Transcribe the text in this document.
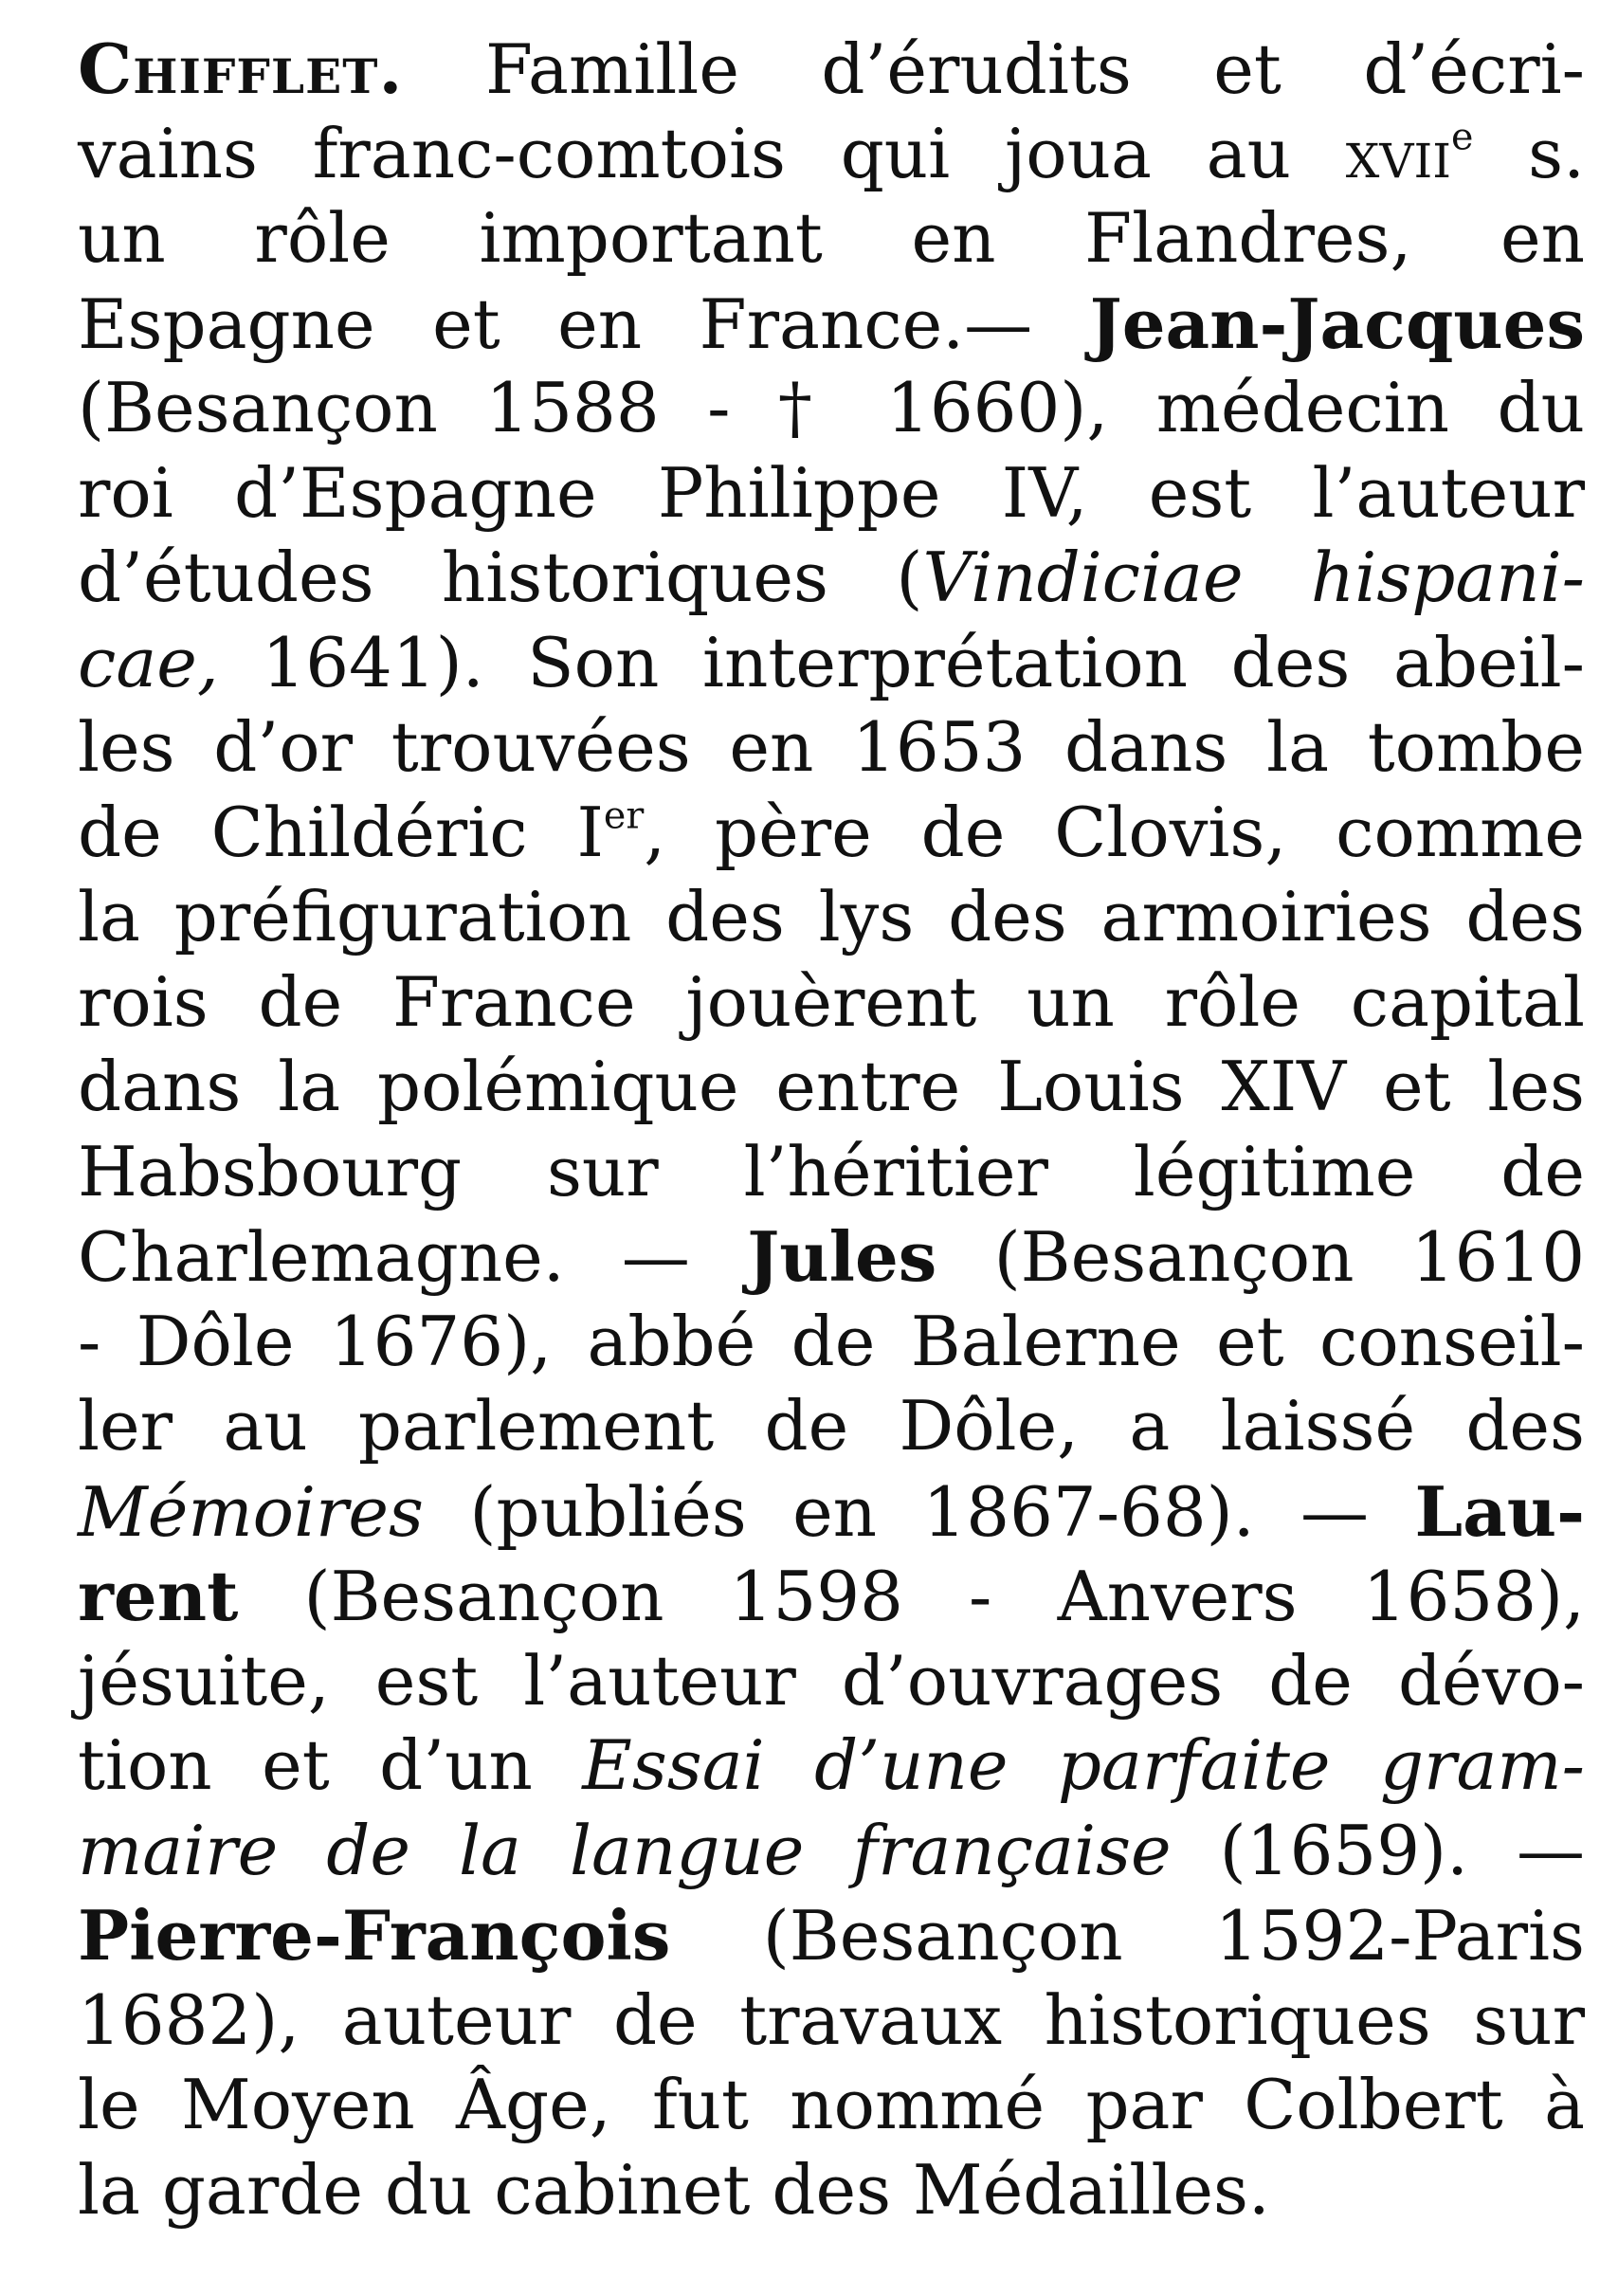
Chifflet. Famille d’érudits et d’écri-
vains franc-comtois qui joua au xvii$^e$ s.
un rôle important en Flandres, en
Espagne et en France.— Jean-Jacques
(Besançon 1588 - † 1660), médecin du
roi d’Espagne Philippe IV, est l’auteur
d’études historiques (Vindiciae hispani-
cae, 1641). Son interprétation des abeil-
les d’or trouvées en 1653 dans la tombe
de Childéric Ier, père de Clovis, comme
la préfiguration des lys des armoiries des
rois de France jouèrent un rôle capital
dans la polémique entre Louis XIV et les
Habsbourg sur l’héritier légitime de
Charlemagne. — Jules (Besançon 1610
- Dôle 1676), abbé de Balerne et conseil-
ler au parlement de Dôle, a laissé des
Mémoires (publiés en 1867-68). — Lau-
rent (Besançon 1598 - Anvers 1658),
jésuite, est l’auteur d’ouvrages de dévo-
tion et d’un Essai d’une parfaite gram-
maire de la langue française (1659). —
Pierre-François (Besançon 1592-Paris
1682), auteur de travaux historiques sur
le Moyen Âge, fut nommé par Colbert à
la garde du cabinet des Médailles.
